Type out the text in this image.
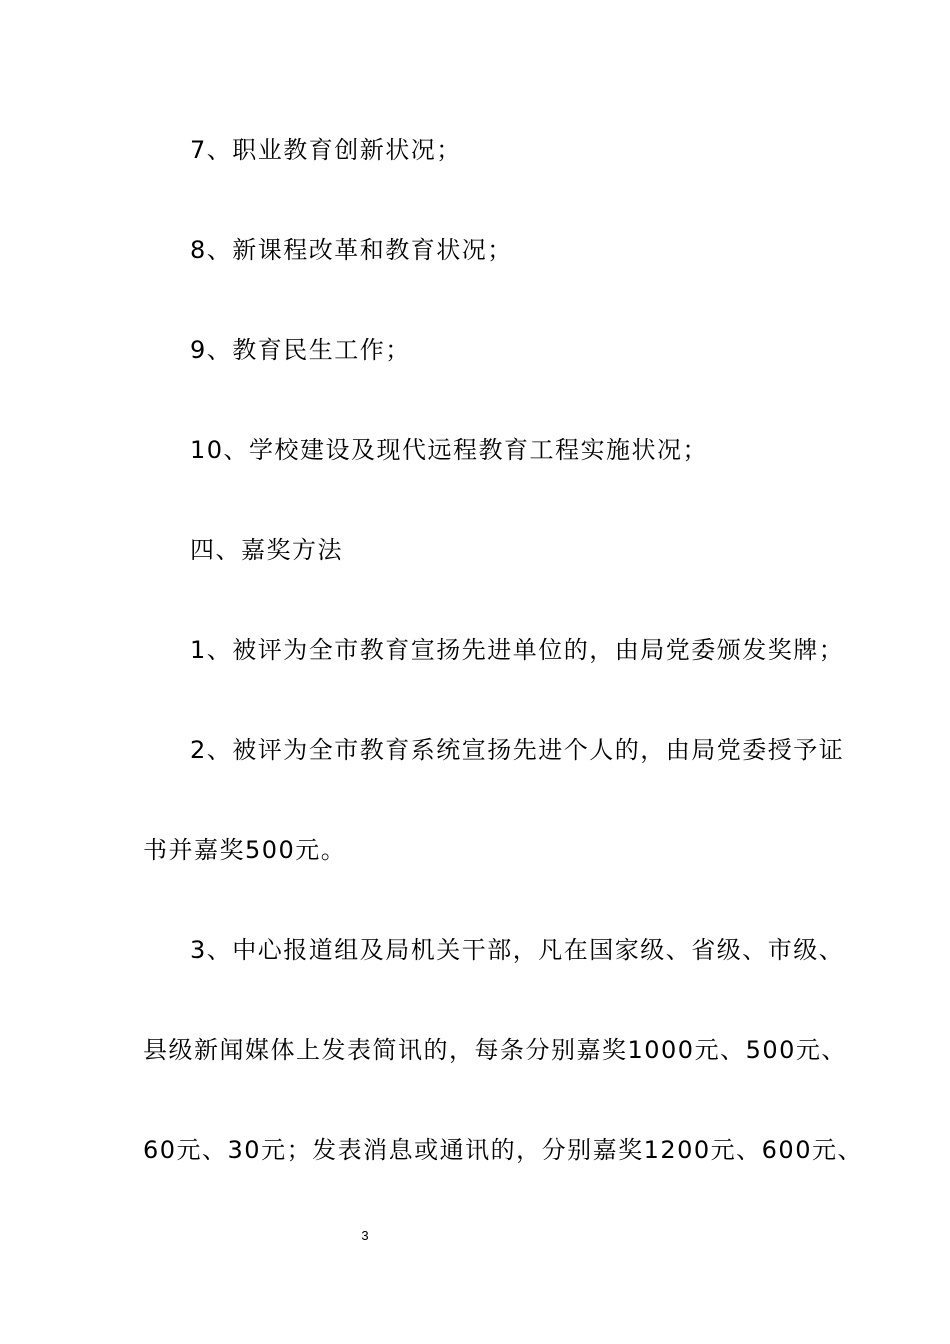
7、职业教育创新状况；
8、新课程改革和教育状况；
9、教育民生工作；
10、学校建设及现代远程教育工程实施状况；
四、嘉奖方法
1、被评为全市教育宣扬先进单位的，由局党委颁发奖牌；
2、被评为全市教育系统宣扬先进个人的，由局党委授予证
书并嘉奖500元。
3、中心报道组及局机关干部，凡在国家级、省级、市级、
县级新闻媒体上发表简讯的，每条分别嘉奖1000元、500元、
60元、30元；发表消息或通讯的，分别嘉奖1200元、600元、
3
